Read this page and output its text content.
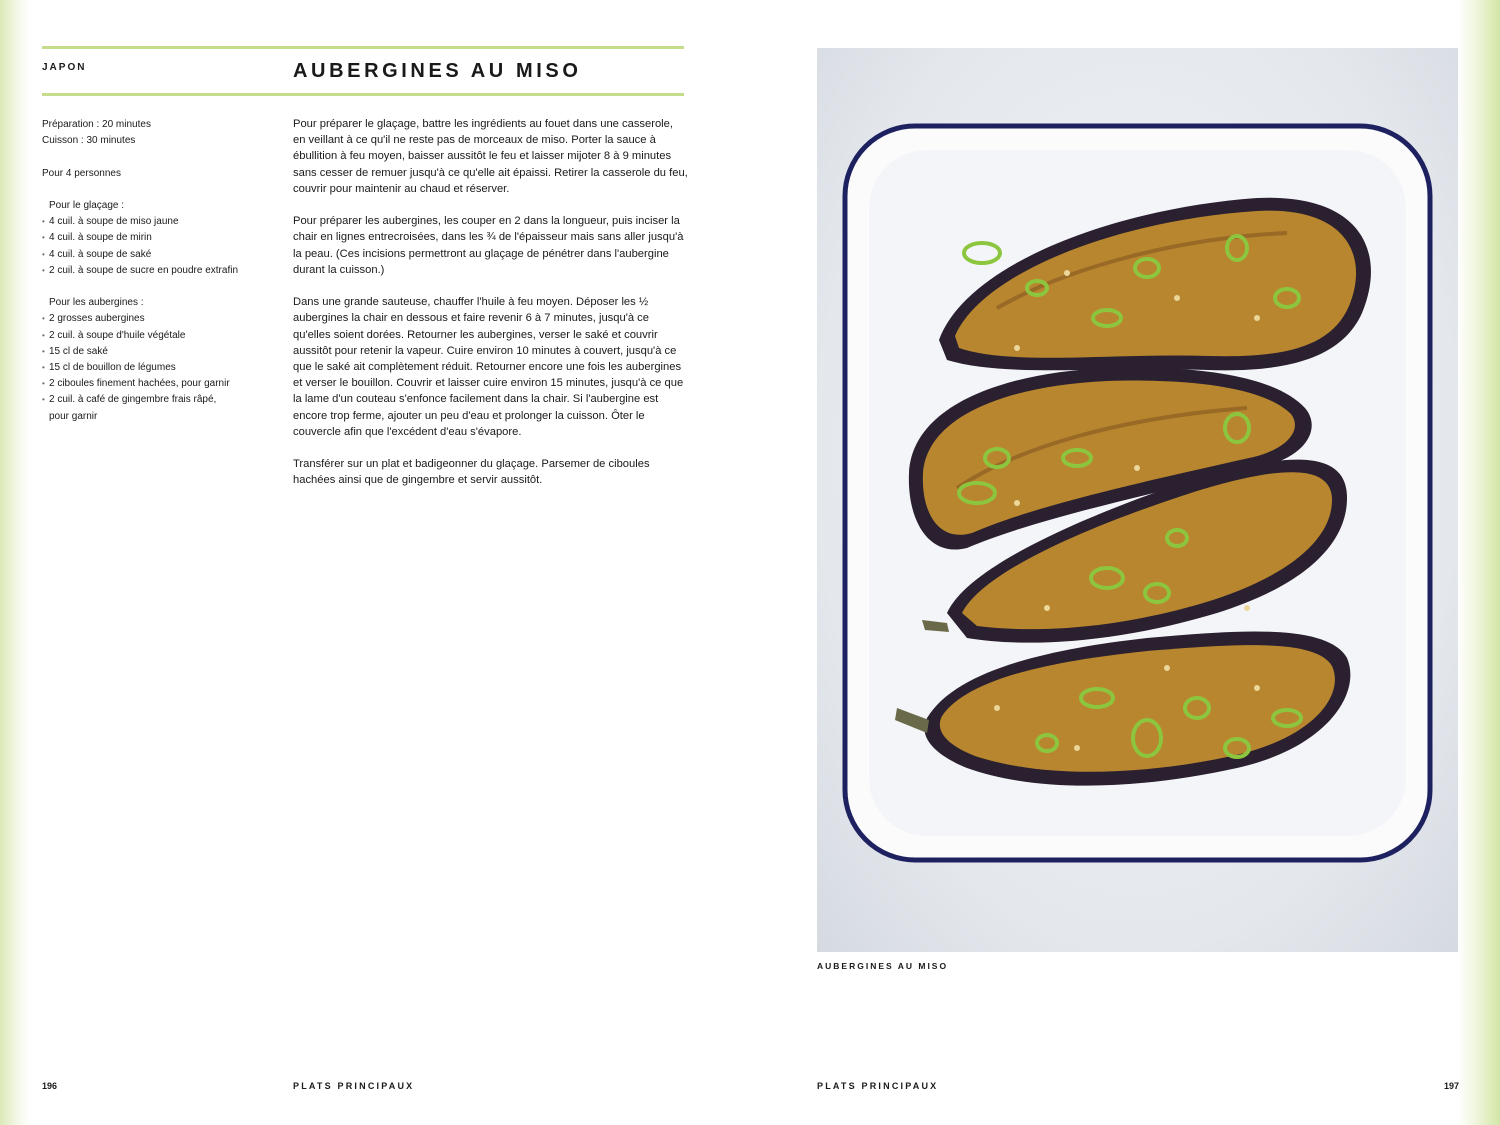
JAPON	AUBERGINES AU MISO
Préparation : 20 minutes
Cuisson : 30 minutes
Pour 4 personnes
Pour le glaçage :
• 4 cuil. à soupe de miso jaune
• 4 cuil. à soupe de mirin
• 4 cuil. à soupe de saké
• 2 cuil. à soupe de sucre en poudre extrafin
Pour les aubergines :
• 2 grosses aubergines
• 2 cuil. à soupe d'huile végétale
• 15 cl de saké
• 15 cl de bouillon de légumes
• 2 ciboules finement hachées, pour garnir
• 2 cuil. à café de gingembre frais râpé, pour garnir

Pour préparer le glaçage, battre les ingrédients au fouet dans une casserole, en veillant à ce qu'il ne reste pas de morceaux de miso. Porter la sauce à ébullition à feu moyen, baisser aussitôt le feu et laisser mijoter 8 à 9 minutes sans cesser de remuer jusqu'à ce qu'elle ait épaissi. Retirer la casserole du feu, couvrir pour maintenir au chaud et réserver.

Pour préparer les aubergines, les couper en 2 dans la longueur, puis inciser la chair en lignes entrecroisées, dans les ¾ de l'épaisseur mais sans aller jusqu'à la peau. (Ces incisions permettront au glaçage de pénétrer dans l'aubergine durant la cuisson.)

Dans une grande sauteuse, chauffer l'huile à feu moyen. Déposer les ½ aubergines la chair en dessous et faire revenir 6 à 7 minutes, jusqu'à ce qu'elles soient dorées. Retourner les aubergines, verser le saké et couvrir aussitôt pour retenir la vapeur. Cuire environ 10 minutes à couvert, jusqu'à ce que le saké ait complètement réduit. Retourner encore une fois les aubergines et verser le bouillon. Couvrir et laisser cuire environ 15 minutes, jusqu'à ce que la lame d'un couteau s'enfonce facilement dans la chair. Si l'aubergine est encore trop ferme, ajouter un peu d'eau et prolonger la cuisson. Ôter le couvercle afin que l'excédent d'eau s'évapore.

Transférer sur un plat et badigeonner du glaçage. Parsemer de ciboules hachées ainsi que de gingembre et servir aussitôt.

196	PLATS PRINCIPAUX
AUBERGINES AU MISO
PLATS PRINCIPAUX	197
